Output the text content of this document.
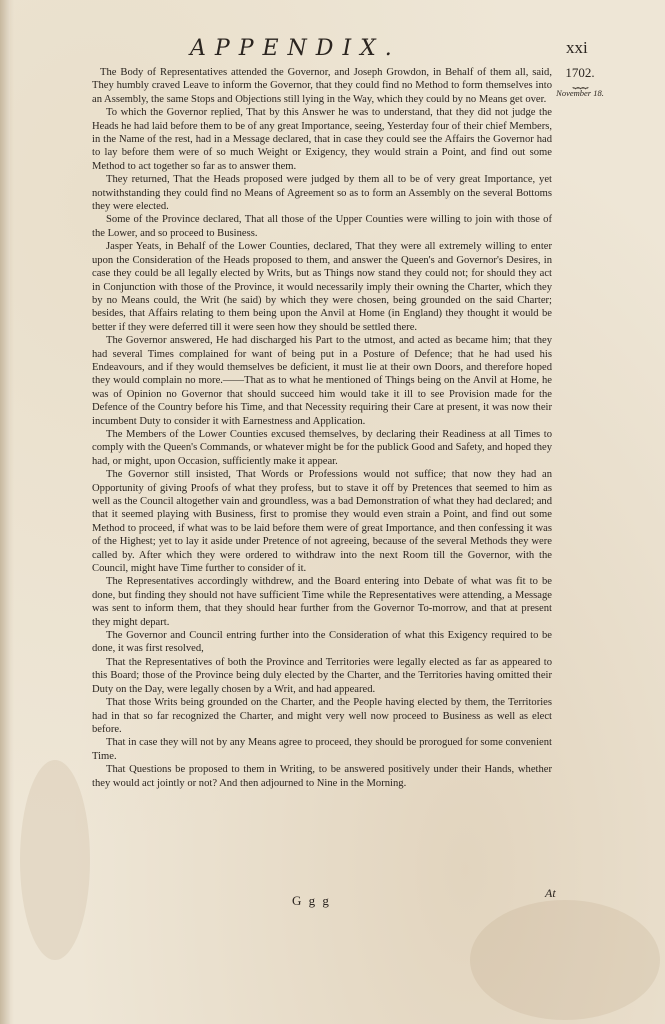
APPENDIX.	xxi
1702.
⏟⏟⏟
November 18.

The Body of Representatives attended the Governor, and Joseph Growdon, in Behalf of them all, said, They humbly craved Leave to inform the Governor, that they could find no Method to form themselves into an Assembly, the same Stops and Objections still lying in the Way, which they could by no Means get over.

To which the Governor replied, That by this Answer he was to understand, that they did not judge the Heads he had laid before them to be of any great Importance, seeing, Yesterday four of their chief Members, in the Name of the rest, had in a Message declared, that in case they could see the Affairs the Governor had to lay before them were of so much Weight or Exigency, they would strain a Point, and find out some Method to act together so far as to answer them.

They returned, That the Heads proposed were judged by them all to be of very great Importance, yet notwithstanding they could find no Means of Agreement so as to form an Assembly on the several Bottoms they were elected.

Some of the Province declared, That all those of the Upper Counties were willing to join with those of the Lower, and so proceed to Business.

Jasper Yeats, in Behalf of the Lower Counties, declared, That they were all extremely willing to enter upon the Consideration of the Heads proposed to them, and answer the Queen's and Governor's Desires, in case they could be all legally elected by Writs, but as Things now stand they could not; for should they act in Conjunction with those of the Province, it would necessarily imply their owning the Charter, which they by no Means could, the Writ (he said) by which they were chosen, being grounded on the said Charter; besides, that Affairs relating to them being upon the Anvil at Home (in England) they thought it would be better if they were deferred till it were seen how they should be settled there.

The Governor answered, He had discharged his Part to the utmost, and acted as became him; that they had several Times complained for want of being put in a Posture of Defence; that he had used his Endeavours, and if they would themselves be deficient, it must lie at their own Doors, and therefore hoped they would complain no more.——That as to what he mentioned of Things being on the Anvil at Home, he was of Opinion no Governor that should succeed him would take it ill to see Provision made for the Defence of the Country before his Time, and that Necessity requiring their Care at present, it was now their incumbent Duty to consider it with Earnestness and Application.

The Members of the Lower Counties excused themselves, by declaring their Readiness at all Times to comply with the Queen's Commands, or whatever might be for the publick Good and Safety, and hoped they had, or might, upon Occasion, sufficiently make it appear.

The Governor still insisted, That Words or Professions would not suffice; that now they had an Opportunity of giving Proofs of what they profess, but to stave it off by Pretences that seemed to him as well as the Council altogether vain and groundless, was a bad Demonstration of what they had declared; and that it seemed playing with Business, first to promise they would even strain a Point, and find out some Method to proceed, if what was to be laid before them were of great Importance, and then confessing it was of the Highest; yet to lay it aside under Pretence of not agreeing, because of the several Methods they were called by. After which they were ordered to withdraw into the next Room till the Governor, with the Council, might have Time further to consider of it.

The Representatives accordingly withdrew, and the Board entering into Debate of what was fit to be done, but finding they should not have sufficient Time while the Representatives were attending, a Message was sent to inform them, that they should hear further from the Governor To-morrow, and that at present they might depart.

The Governor and Council entring further into the Consideration of what this Exigency required to be done, it was first resolved,

That the Representatives of both the Province and Territories were legally elected as far as appeared to this Board; those of the Province being duly elected by the Charter, and the Territories having omitted their Duty on the Day, were legally chosen by a Writ, and had appeared.

That those Writs being grounded on the Charter, and the People having elected by them, the Territories had in that so far recognized the Charter, and might very well now proceed to Business as well as elect before.

That in case they will not by any Means agree to proceed, they should be prorogued for some convenient Time.

That Questions be proposed to them in Writing, to be answered positively under their Hands, whether they would act jointly or not? And then adjourned to Nine in the Morning.

G g g	At
